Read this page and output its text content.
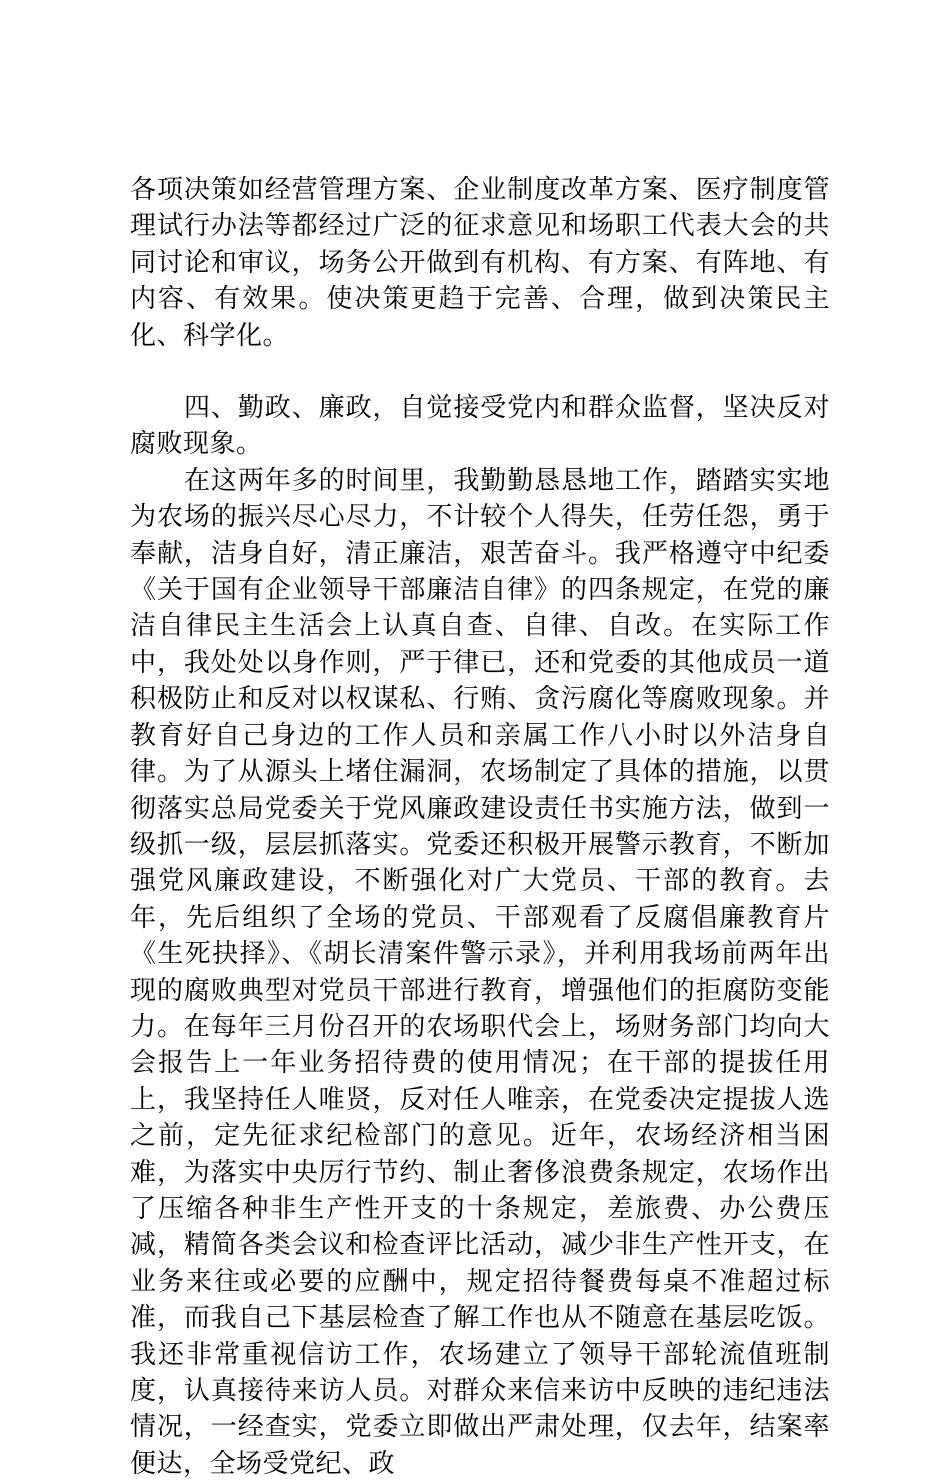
各项决策如经营管理方案、企业制度改革方案、医疗制度管理试行办法等都经过广泛的征求意见和场职工代表大会的共同讨论和审议，场务公开做到有机构、有方案、有阵地、有内容、有效果。使决策更趋于完善、合理，做到决策民主化、科学化。

四、勤政、廉政，自觉接受党内和群众监督，坚决反对腐败现象。

在这两年多的时间里，我勤勤恳恳地工作，踏踏实实地为农场的振兴尽心尽力，不计较个人得失，任劳任怨，勇于奉献，洁身自好，清正廉洁，艰苦奋斗。我严格遵守中纪委《关于国有企业领导干部廉洁自律》的四条规定，在党的廉洁自律民主生活会上认真自查、自律、自改。在实际工作中，我处处以身作则，严于律已，还和党委的其他成员一道积极防止和反对以权谋私、行贿、贪污腐化等腐败现象。并教育好自己身边的工作人员和亲属工作八小时以外洁身自律。为了从源头上堵住漏洞，农场制定了具体的措施，以贯彻落实总局党委关于党风廉政建设责任书实施方法，做到一级抓一级，层层抓落实。党委还积极开展警示教育，不断加强党风廉政建设，不断强化对广大党员、干部的教育。去年，先后组织了全场的党员、干部观看了反腐倡廉教育片《生死抉择》、《胡长清案件警示录》，并利用我场前两年出现的腐败典型对党员干部进行教育，增强他们的拒腐防变能力。在每年三月份召开的农场职代会上，场财务部门均向大会报告上一年业务招待费的使用情况；在干部的提拔任用上，我坚持任人唯贤，反对任人唯亲，在党委决定提拔人选之前，定先征求纪检部门的意见。近年，农场经济相当困难，为落实中央厉行节约、制止奢侈浪费条规定，农场作出了压缩各种非生产性开支的十条规定，差旅费、办公费压减，精简各类会议和检查评比活动，减少非生产性开支，在业务来往或必要的应酬中，规定招待餐费每桌不准超过标准，而我自己下基层检查了解工作也从不随意在基层吃饭。我还非常重视信访工作，农场建立了领导干部轮流值班制度，认真接待来访人员。对群众来信来访中反映的违纪违法情况，一经查实，党委立即做出严肃处理，仅去年，结案率便达，全场受党纪、政
